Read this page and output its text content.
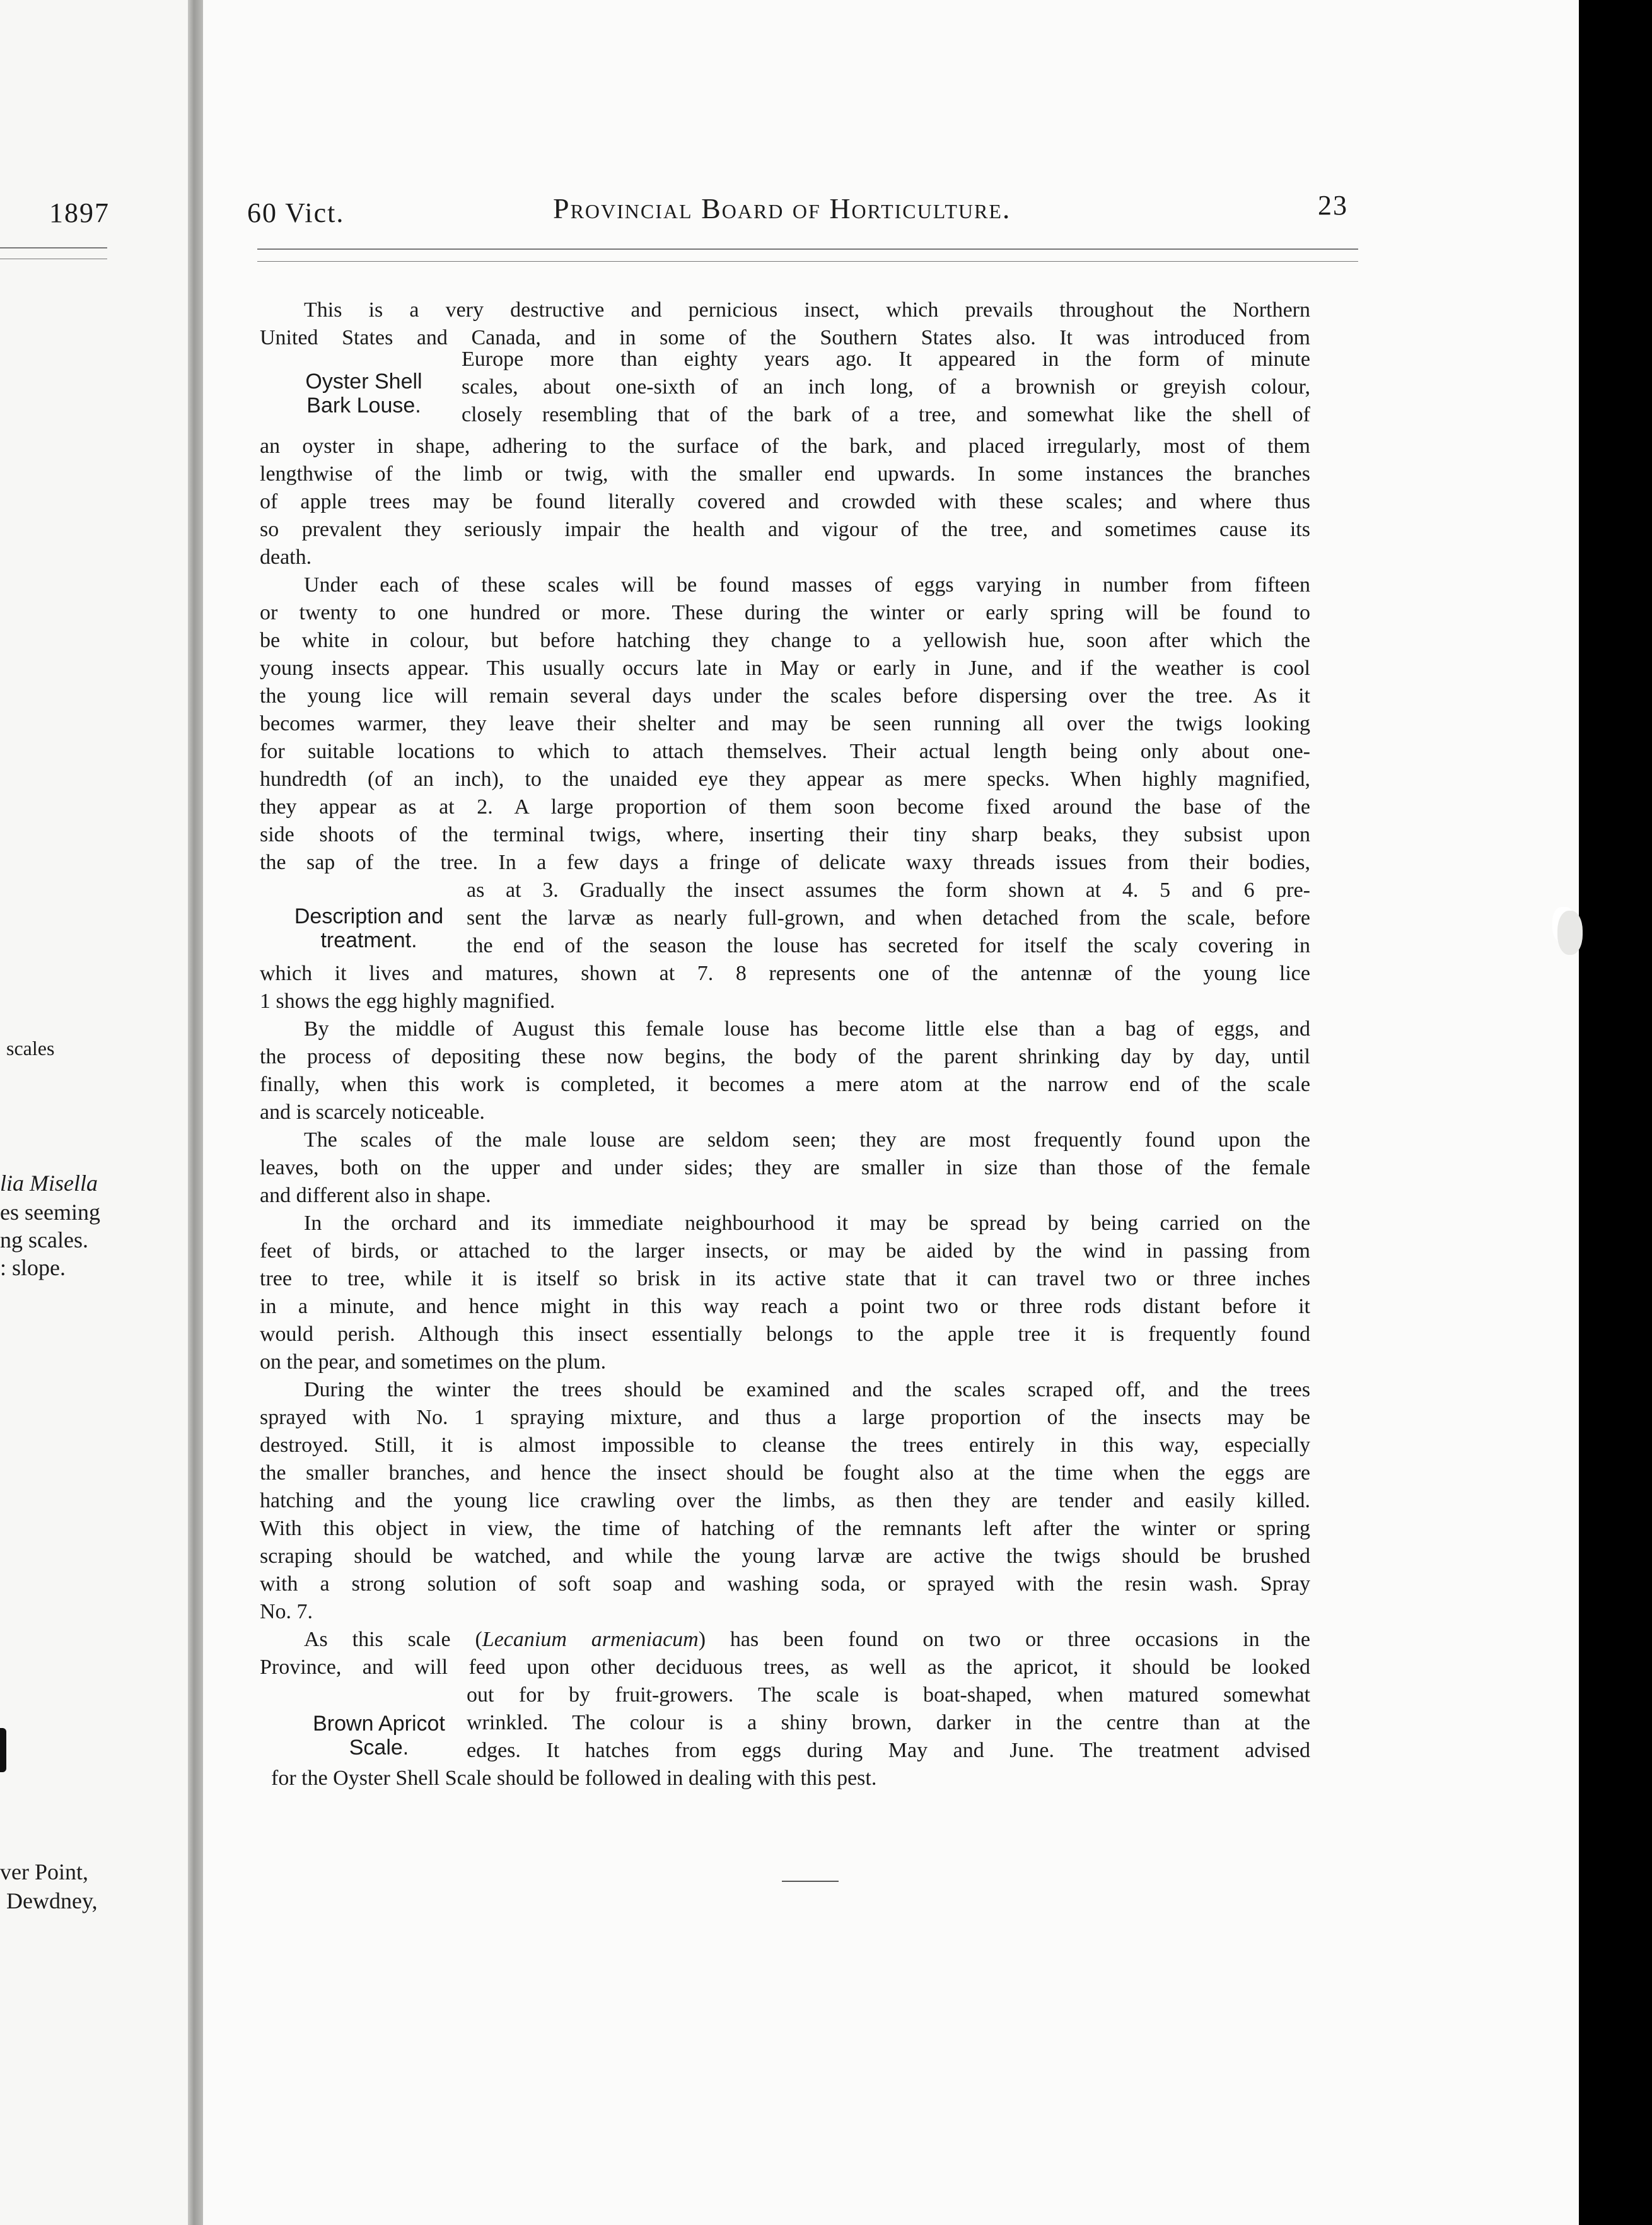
1897
scales
lia Misella
es seeming
ng scales.
: slope.
ver Point,
Dewdney,
60 Vict.	Provincial Board of Horticulture.	23
Oyster Shell
Bark Louse.
Description and
treatment.
Brown Apricot
Scale.
This is a very destructive and pernicious insect, which prevails throughout the Northern
United States and Canada, and in some of the Southern States also. It was introduced from
Europe more than eighty years ago. It appeared in the form of minute
scales, about one-sixth of an inch long, of a brownish or greyish colour,
closely resembling that of the bark of a tree, and somewhat like the shell of
an oyster in shape, adhering to the surface of the bark, and placed irregularly, most of them
lengthwise of the limb or twig, with the smaller end upwards. In some instances the branches
of apple trees may be found literally covered and crowded with these scales; and where thus
so prevalent they seriously impair the health and vigour of the tree, and sometimes cause its
death.
Under each of these scales will be found masses of eggs varying in number from fifteen
or twenty to one hundred or more. These during the winter or early spring will be found to
be white in colour, but before hatching they change to a yellowish hue, soon after which the
young insects appear. This usually occurs late in May or early in June, and if the weather is cool
the young lice will remain several days under the scales before dispersing over the tree. As it
becomes warmer, they leave their shelter and may be seen running all over the twigs looking
for suitable locations to which to attach themselves. Their actual length being only about one-
hundredth (of an inch), to the unaided eye they appear as mere specks. When highly magnified,
they appear as at 2. A large proportion of them soon become fixed around the base of the
side shoots of the terminal twigs, where, inserting their tiny sharp beaks, they subsist upon
the sap of the tree. In a few days a fringe of delicate waxy threads issues from their bodies,
as at 3. Gradually the insect assumes the form shown at 4. 5 and 6 pre-
sent the larvæ as nearly full-grown, and when detached from the scale, before
the end of the season the louse has secreted for itself the scaly covering in
which it lives and matures, shown at 7. 8 represents one of the antennæ of the young lice
1 shows the egg highly magnified.
By the middle of August this female louse has become little else than a bag of eggs, and
the process of depositing these now begins, the body of the parent shrinking day by day, until
finally, when this work is completed, it becomes a mere atom at the narrow end of the scale
and is scarcely noticeable.
The scales of the male louse are seldom seen; they are most frequently found upon the
leaves, both on the upper and under sides; they are smaller in size than those of the female
and different also in shape.
In the orchard and its immediate neighbourhood it may be spread by being carried on the
feet of birds, or attached to the larger insects, or may be aided by the wind in passing from
tree to tree, while it is itself so brisk in its active state that it can travel two or three inches
in a minute, and hence might in this way reach a point two or three rods distant before it
would perish. Although this insect essentially belongs to the apple tree it is frequently found
on the pear, and sometimes on the plum.
During the winter the trees should be examined and the scales scraped off, and the trees
sprayed with No. 1 spraying mixture, and thus a large proportion of the insects may be
destroyed. Still, it is almost impossible to cleanse the trees entirely in this way, especially
the smaller branches, and hence the insect should be fought also at the time when the eggs are
hatching and the young lice crawling over the limbs, as then they are tender and easily killed.
With this object in view, the time of hatching of the remnants left after the winter or spring
scraping should be watched, and while the young larvæ are active the twigs should be brushed
with a strong solution of soft soap and washing soda, or sprayed with the resin wash. Spray
No. 7.
As this scale (Lecanium armeniacum) has been found on two or three occasions in the
Province, and will feed upon other deciduous trees, as well as the apricot, it should be looked
out for by fruit-growers. The scale is boat-shaped, when matured somewhat
wrinkled. The colour is a shiny brown, darker in the centre than at the
edges. It hatches from eggs during May and June. The treatment advised
for the Oyster Shell Scale should be followed in dealing with this pest.
